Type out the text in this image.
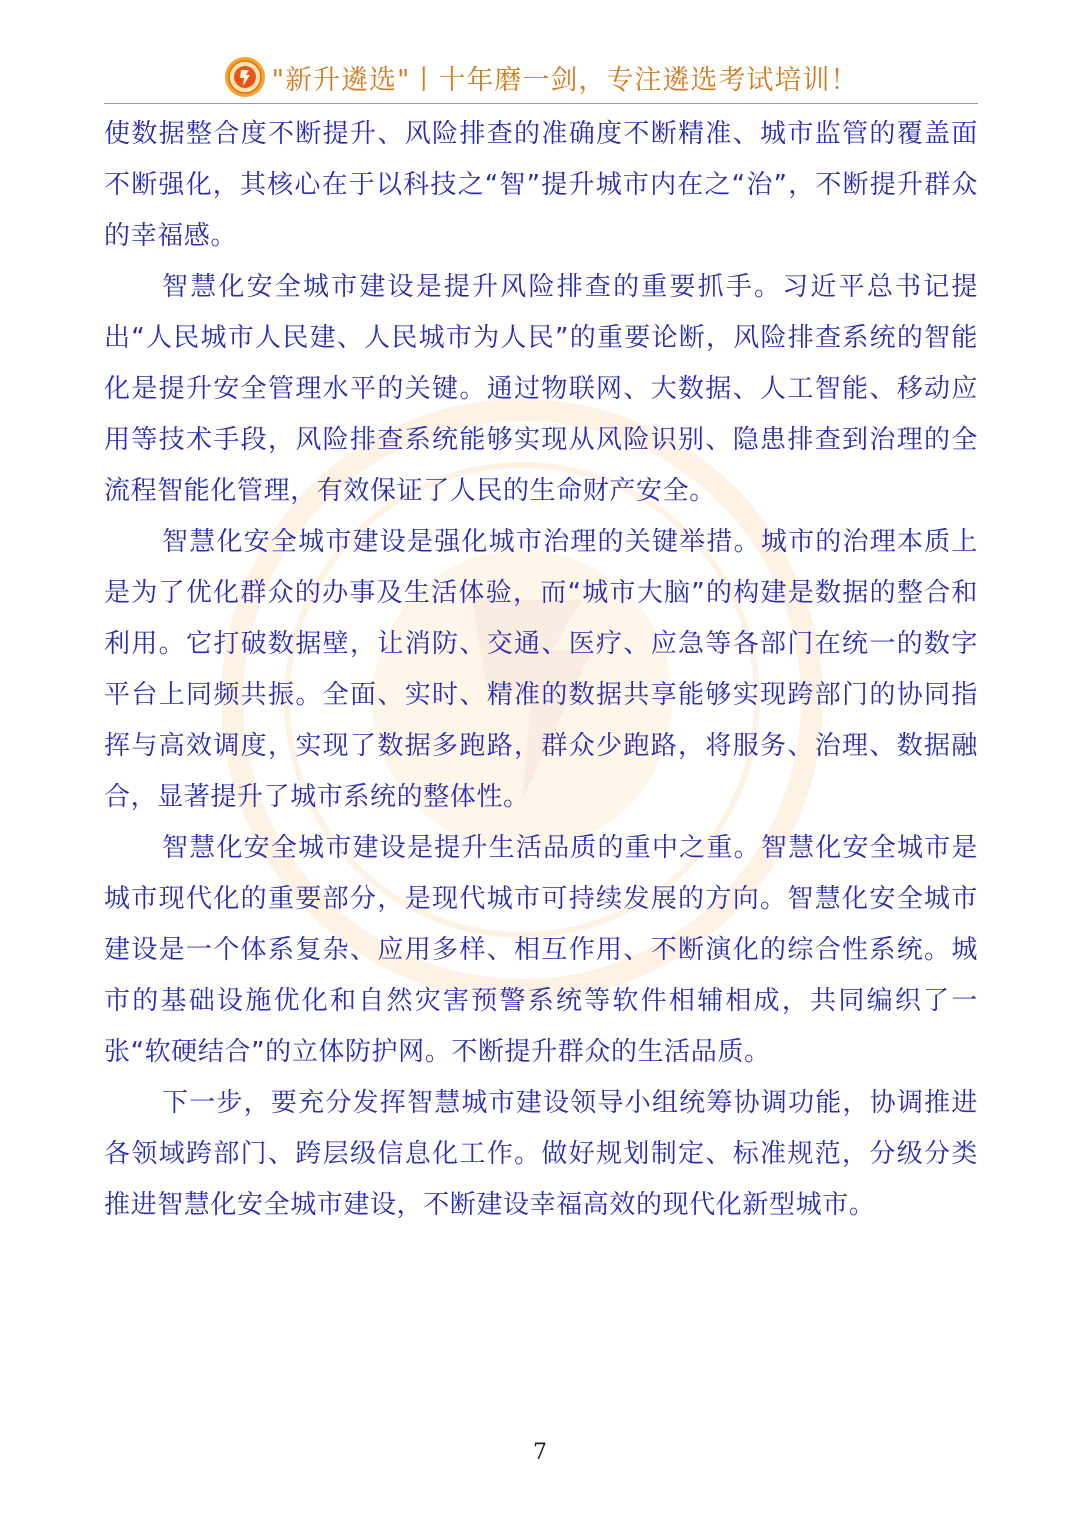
"新升遴选"丨十年磨一剑，专注遴选考试培训！

使数据整合度不断提升、风险排查的准确度不断精准、城市监管的覆盖面不断强化，其核心在于以科技之“智”提升城市内在之“治”，不断提升群众的幸福感。

智慧化安全城市建设是提升风险排查的重要抓手。习近平总书记提出“人民城市人民建、人民城市为人民”的重要论断，风险排查系统的智能化是提升安全管理水平的关键。通过物联网、大数据、人工智能、移动应用等技术手段，风险排查系统能够实现从风险识别、隐患排查到治理的全流程智能化管理，有效保证了人民的生命财产安全。

智慧化安全城市建设是强化城市治理的关键举措。城市的治理本质上是为了优化群众的办事及生活体验，而“城市大脑”的构建是数据的整合和利用。它打破数据壁，让消防、交通、医疗、应急等各部门在统一的数字平台上同频共振。全面、实时、精准的数据共享能够实现跨部门的协同指挥与高效调度，实现了数据多跑路，群众少跑路，将服务、治理、数据融合，显著提升了城市系统的整体性。

智慧化安全城市建设是提升生活品质的重中之重。智慧化安全城市是城市现代化的重要部分，是现代城市可持续发展的方向。智慧化安全城市建设是一个体系复杂、应用多样、相互作用、不断演化的综合性系统。城市的基础设施优化和自然灾害预警系统等软件相辅相成，共同编织了一张“软硬结合”的立体防护网。不断提升群众的生活品质。

下一步，要充分发挥智慧城市建设领导小组统筹协调功能，协调推进各领域跨部门、跨层级信息化工作。做好规划制定、标准规范，分级分类推进智慧化安全城市建设，不断建设幸福高效的现代化新型城市。

7
